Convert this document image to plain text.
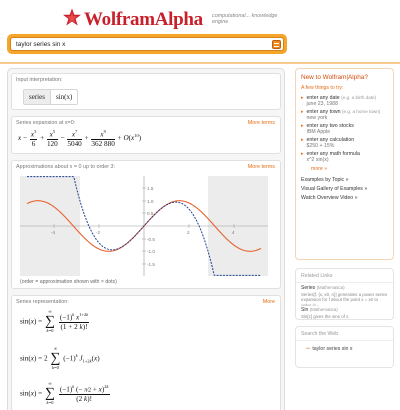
WolframAlpha computational... knowledge engine
taylor series sin x
Input interpretation:
series	sin(x)
Series expansion at x=0:	More terms
$x - \frac{x^3}{6} + \frac{x^5}{120} - \frac{x^7}{5040} + \frac{x^9}{362 880} + O(x^{10})$
Approximations about x = 0 up to order 3:	More terms
-4	-2	2	4
1.5
1.0
0.5
-0.5
-1.0
-1.5
(order = approximation shown with × dots)
Series representation:	More
sin(x) =
∞
∑
k=0
$\frac{(-1)^k x^{1+2k}}{(1 + 2 k)!}$
sin(x) = 2
∞
∑
k=0
$(-1)^k$ $J_{1+2k}(x)$
sin(x) =
∞
∑
k=0
$\frac{(-1)^k (- \pi⁄2 + x)^{2k}}{(2 k)!}$
New to Wolfram|Alpha?
A few things to try:
▸ enter any date (e.g. a birth date)
june 23, 1988
▸ enter any town (e.g. a home town)
new york
▸ enter any two stocks
IBM Apple
▸ enter any calculation
$250 + 15%
▸ enter any math formula
x^2 sin(x)
more »
Examples by Topic »
Visual Gallery of Examples »
Watch Overview Video »
Related Links
Series (Mathematica)
Series[f, {x, x0, n}] generates a power series expansion for f about the point x = x0 to
Sin (Mathematica)
Sin[z] gives the sine of z.
Search the Web
⇨ taylor series sin x
